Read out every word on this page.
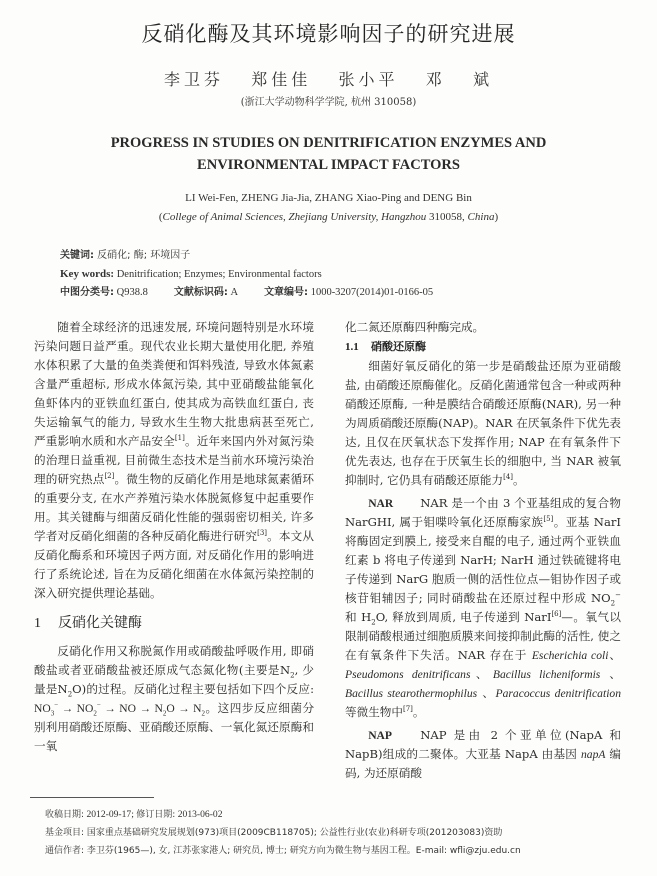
反硝化酶及其环境影响因子的研究进展
李卫芬   郑佳佳   张小平   邓   斌
(浙江大学动物科学学院, 杭州 310058)
PROGRESS IN STUDIES ON DENITRIFICATION ENZYMES AND
ENVIRONMENTAL IMPACT FACTORS
LI Wei-Fen, ZHENG Jia-Jia, ZHANG Xiao-Ping and DENG Bin
(College of Animal Sciences, Zhejiang University, Hangzhou 310058, China)
关键词: 反硝化; 酶; 环境因子
Key words: Denitrification; Enzymes; Environmental factors
中图分类号: Q938.8	文献标识码: A	文章编号: 1000-3207(2014)01-0166-05

随着全球经济的迅速发展, 环境问题特别是水环境污染问题日益严重。现代农业长期大量使用化肥, 养殖水体积累了大量的鱼类粪便和饵料残渣, 导致水体氮素含量严重超标, 形成水体氮污染, 其中亚硝酸盐能氧化鱼虾体内的亚铁血红蛋白, 使其成为高铁血红蛋白, 丧失运输氧气的能力, 导致水生生物大批患病甚至死亡, 严重影响水质和水产品安全[1]。近年来国内外对氮污染的治理日益重视, 目前微生态技术是当前水环境污染治理的研究热点[2]。微生物的反硝化作用是地球氮素循环的重要分支, 在水产养殖污染水体脱氮修复中起重要作用。其关键酶与细菌反硝化性能的强弱密切相关, 许多学者对反硝化细菌的各种反硝化酶进行研究[3]。本文从反硝化酶系和环境因子两方面, 对反硝化作用的影响进行了系统论述, 旨在为反硝化细菌在水体氮污染控制的深入研究提供理论基础。

1 反硝化关键酶

反硝化作用又称脱氮作用或硝酸盐呼吸作用, 即硝酸盐或者亚硝酸盐被还原成气态氮化物(主要是$N_2$, 少量是$N_2O$)的过程。反硝化过程主要包括如下四个反应: $NO_3^- \to NO_2^-$ → NO → $N_2O \to N_2$。这四步反应细菌分别利用硝酸还原酶、亚硝酸还原酶、一氧化氮还原酶和一氧

化二氮还原酶四种酶完成。

1.1 硝酸还原酶

细菌好氧反硝化的第一步是硝酸盐还原为亚硝酸盐, 由硝酸还原酶催化。反硝化菌通常包含一种或两种硝酸还原酶, 一种是膜结合硝酸还原酶(NAR), 另一种为周质硝酸还原酶(NAP)。NAR 在厌氧条件下优先表达, 且仅在厌氧状态下发挥作用; NAP 在有氧条件下优先表达, 也存在于厌氧生长的细胞中, 当 NAR 被氧抑制时, 它仍具有硝酸还原能力[4]。

NAR NAR 是一个由 3 个亚基组成的复合物 NarGHI, 属于钼喋呤氧化还原酶家族[5]。亚基 NarI 将酶固定到膜上, 接受来自醌的电子, 通过两个亚铁血红素 b 将电子传递到 NarH; NarH 通过铁硫键将电子传递到 NarG 胞质一侧的活性位点—钼协作因子或核苷钼辅因子; 同时硝酸盐在还原过程中形成 $NO_2^-$ 和 $H_2O$, 释放到周质, 电子传递到 NarI[6]—。氧气以限制硝酸根通过细胞质膜来间接抑制此酶的活性, 使之在有氧条件下失活。NAR 存在于 Escherichia coli、Pseudomons denitrificans、Bacillus licheniformis 、Bacillus stearothermophilus 、Paracoccus denitrification 等微生物中[7]。

NAP NAP 是由 2 个亚单位(NapA 和 NapB)组成的二聚体。大亚基 NapA 由基因 napA 编码, 为还原硝酸

收稿日期: 2012-09-17; 修订日期: 2013-06-02
基金项目: 国家重点基础研究发展规划(973)项目(2009CB118705); 公益性行业(农业)科研专项(201203083)资助
通信作者: 李卫芬(1965—), 女, 江苏张家港人; 研究员, 博士; 研究方向为微生物与基因工程。E-mail: wfli@zju.edu.cn
